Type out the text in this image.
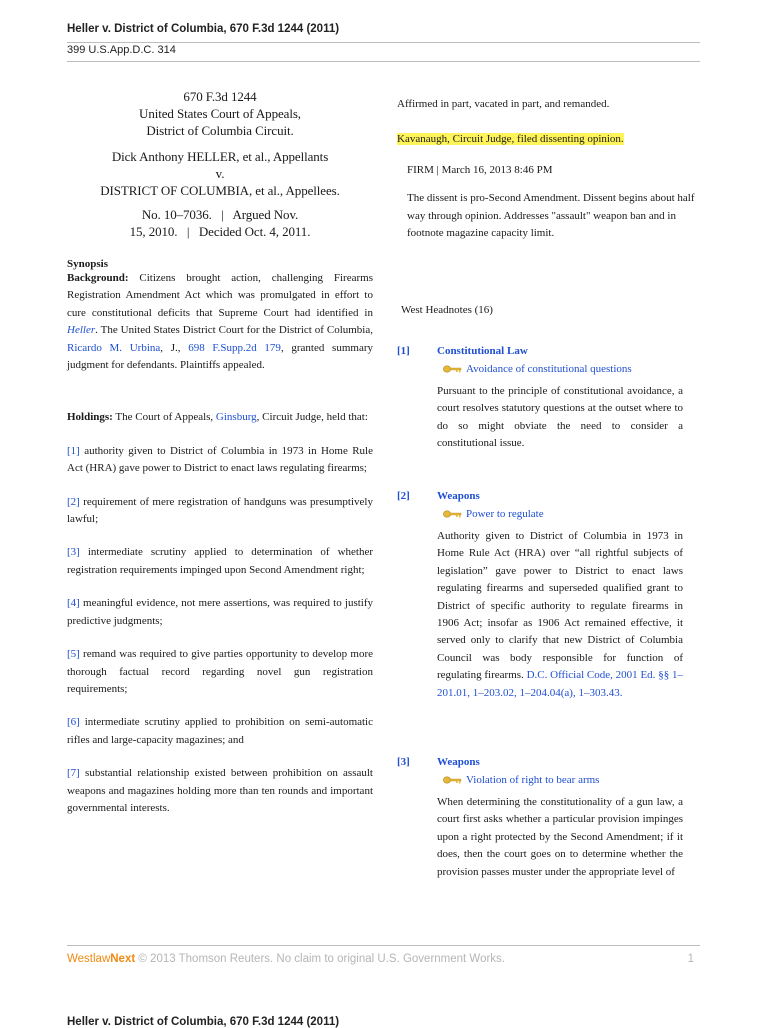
Heller v. District of Columbia, 670 F.3d 1244 (2011)
399 U.S.App.D.C. 314
670 F.3d 1244
United States Court of Appeals,
District of Columbia Circuit.
Dick Anthony HELLER, et al., Appellants
v.
DISTRICT OF COLUMBIA, et al., Appellees.
No. 10–7036.   |   Argued Nov.
15, 2010.   |   Decided Oct. 4, 2011.
Synopsis

Background: Citizens brought action, challenging Firearms Registration Amendment Act which was promulgated in effort to cure constitutional deficits that Supreme Court had identified in Heller. The United States District Court for the District of Columbia, Ricardo M. Urbina, J., 698 F.Supp.2d 179, granted summary judgment for defendants. Plaintiffs appealed.

Holdings: The Court of Appeals, Ginsburg, Circuit Judge, held that:

[1] authority given to District of Columbia in 1973 in Home Rule Act (HRA) gave power to District to enact laws regulating firearms;

[2] requirement of mere registration of handguns was presumptively lawful;

[3] intermediate scrutiny applied to determination of whether registration requirements impinged upon Second Amendment right;

[4] meaningful evidence, not mere assertions, was required to justify predictive judgments;

[5] remand was required to give parties opportunity to develop more thorough factual record regarding novel gun registration requirements;

[6] intermediate scrutiny applied to prohibition on semi-automatic rifles and large-capacity magazines; and

[7] substantial relationship existed between prohibition on assault weapons and magazines holding more than ten rounds and important governmental interests.

Affirmed in part, vacated in part, and remanded.

Kavanaugh, Circuit Judge, filed dissenting opinion.

FIRM | March 16, 2013 8:46 PM

The dissent is pro-Second Amendment. Dissent begins about half way through opinion. Addresses "assault" weapon ban and in footnote magazine capacity limit.

West Headnotes (16)

[1] Constitutional Law
Avoidance of constitutional questions

Pursuant to the principle of constitutional avoidance, a court resolves statutory questions at the outset where to do so might obviate the need to consider a constitutional issue.

[2] Weapons
Power to regulate

Authority given to District of Columbia in 1973 in Home Rule Act (HRA) over “all rightful subjects of legislation” gave power to District to enact laws regulating firearms and superseded qualified grant to District of specific authority to regulate firearms in 1906 Act; insofar as 1906 Act remained effective, it served only to clarify that new District of Columbia Council was body responsible for function of regulating firearms. D.C. Official Code, 2001 Ed. §§ 1–201.01, 1–203.02, 1–204.04(a), 1–303.43.

[3] Weapons
Violation of right to bear arms

When determining the constitutionality of a gun law, a court first asks whether a particular provision impinges upon a right protected by the Second Amendment; if it does, then the court goes on to determine whether the provision passes muster under the appropriate level of

WestlawNext © 2013 Thomson Reuters. No claim to original U.S. Government Works.	1
Heller v. District of Columbia, 670 F.3d 1244 (2011)
